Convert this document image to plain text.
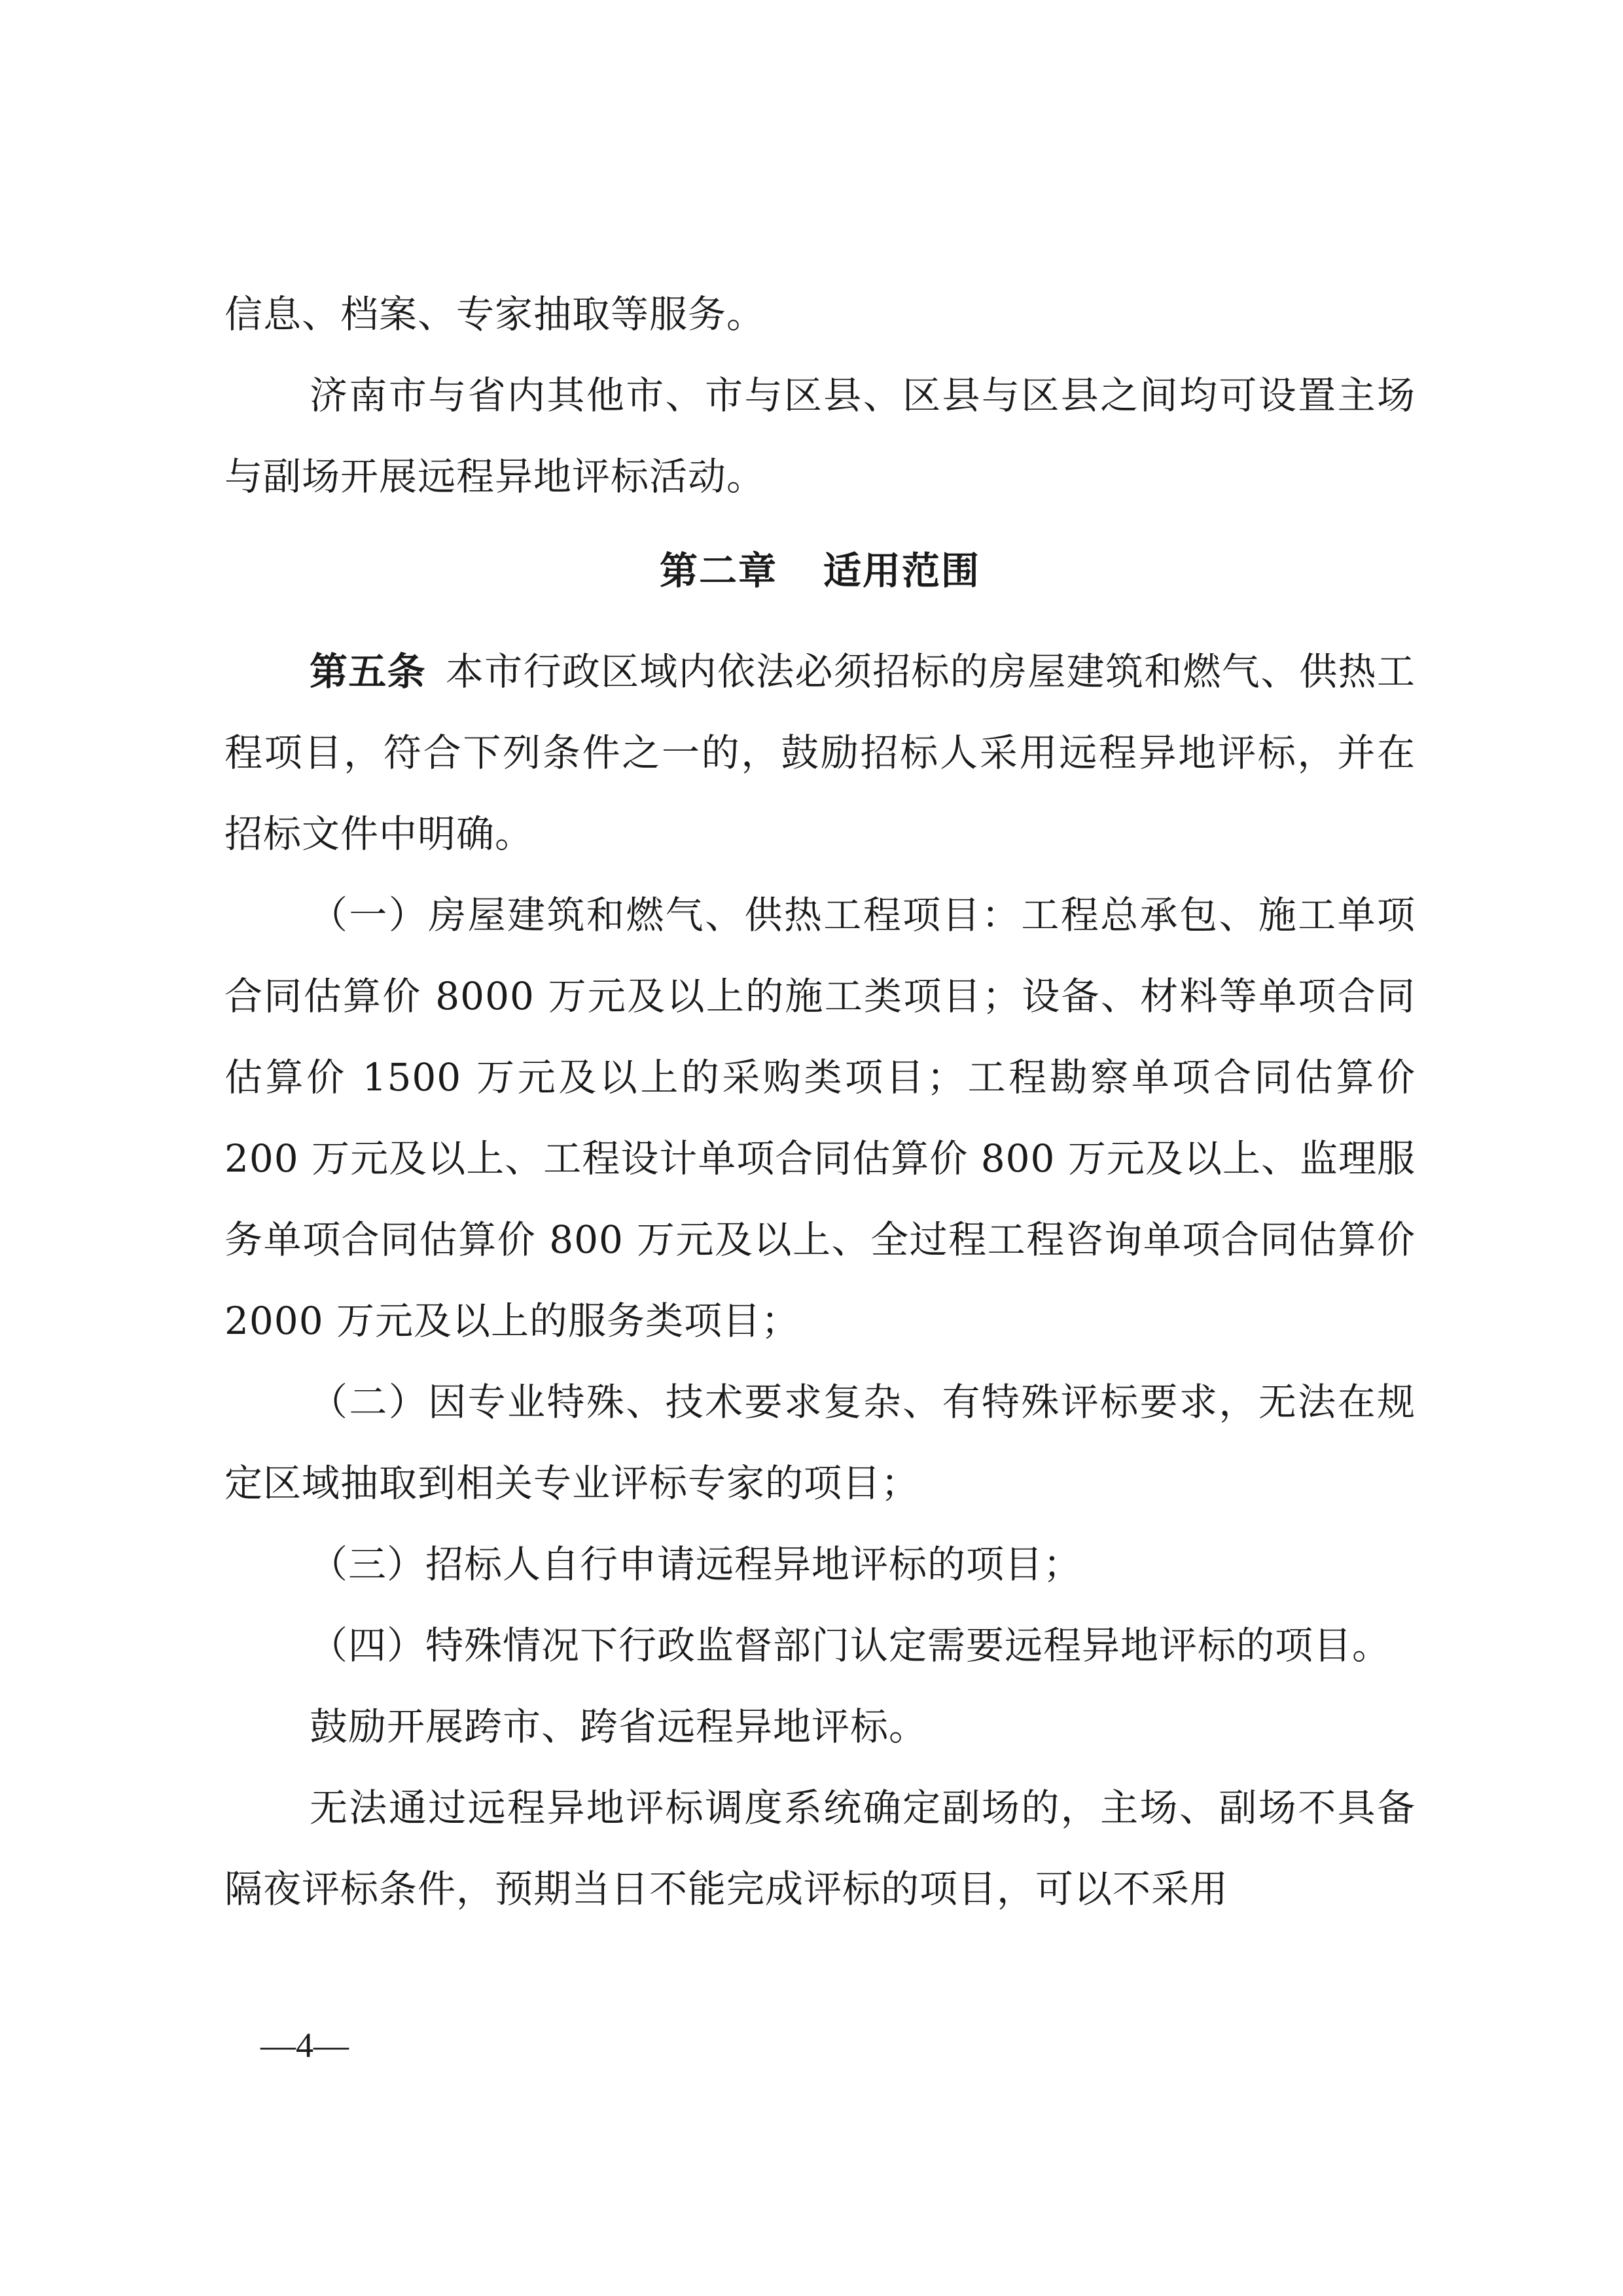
信息、档案、专家抽取等服务。

济南市与省内其他市、市与区县、区县与区县之间均可设置主场与副场开展远程异地评标活动。

第二章 适用范围

第五条 本市行政区域内依法必须招标的房屋建筑和燃气、供热工程项目，符合下列条件之一的，鼓励招标人采用远程异地评标，并在招标文件中明确。

（一）房屋建筑和燃气、供热工程项目：工程总承包、施工单项合同估算价 8000 万元及以上的施工类项目；设备、材料等单项合同估算价 1500 万元及以上的采购类项目；工程勘察单项合同估算价 200 万元及以上、工程设计单项合同估算价 800 万元及以上、监理服务单项合同估算价 800 万元及以上、全过程工程咨询单项合同估算价 2000 万元及以上的服务类项目；

（二）因专业特殊、技术要求复杂、有特殊评标要求，无法在规定区域抽取到相关专业评标专家的项目；

（三）招标人自行申请远程异地评标的项目；

（四）特殊情况下行政监督部门认定需要远程异地评标的项目。

鼓励开展跨市、跨省远程异地评标。

无法通过远程异地评标调度系统确定副场的，主场、副场不具备隔夜评标条件，预期当日不能完成评标的项目，可以不采用

—4—
